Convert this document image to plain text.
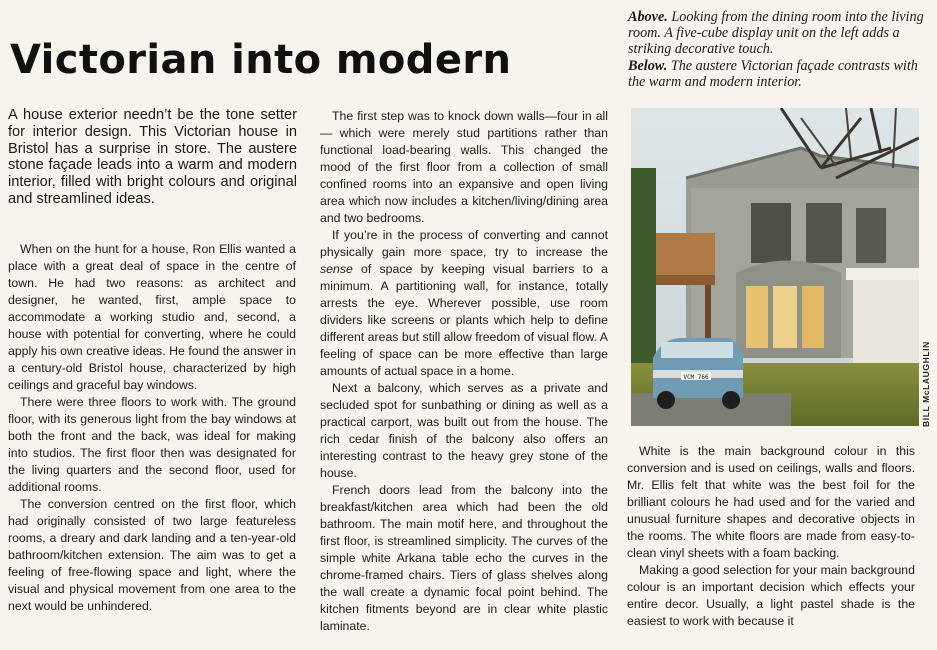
Victorian into modern

Above. Looking from the dining room into the living room. A five-cube display unit on the left adds a striking decorative touch.

Below. The austere Victorian façade contrasts with the warm and modern interior.

A house exterior needn’t be the tone setter for interior design. This Victorian house in Bristol has a surprise in store. The austere stone façade leads into a warm and modern interior, filled with bright colours and original and streamlined ideas.

When on the hunt for a house, Ron Ellis wanted a place with a great deal of space in the centre of town. He had two reasons: as architect and designer, he wanted, first, ample space to accommodate a working studio and, second, a house with potential for converting, where he could apply his own creative ideas. He found the answer in a century-old Bristol house, characterized by high ceilings and graceful bay windows.

There were three floors to work with. The ground floor, with its generous light from the bay windows at both the front and the back, was ideal for making into studios. The first floor then was designated for the living quarters and the second floor, used for additional rooms.

The conversion centred on the first floor, which had originally consisted of two large featureless rooms, a dreary and dark landing and a ten-year-old bathroom/kitchen extension. The aim was to get a feeling of free-flowing space and light, where the visual and physical movement from one area to the next would be unhindered.

The first step was to knock down walls—four in all— which were merely stud partitions rather than functional load-bearing walls. This changed the mood of the first floor from a collection of small confined rooms into an expansive and open living area which now includes a kitchen/living/dining area and two bedrooms.

If you’re in the process of converting and cannot physically gain more space, try to increase the sense of space by keeping visual barriers to a minimum. A partitioning wall, for instance, totally arrests the eye. Wherever possible, use room dividers like screens or plants which help to define different areas but still allow freedom of visual flow. A feeling of space can be more effective than large amounts of actual space in a home.

Next a balcony, which serves as a private and secluded spot for sunbathing or dining as well as a practical carport, was built out from the house. The rich cedar finish of the balcony also offers an interesting contrast to the heavy grey stone of the house.

French doors lead from the balcony into the breakfast/kitchen area which had been the old bathroom. The main motif here, and throughout the first floor, is streamlined simplicity. The curves of the simple white Arkana table echo the curves in the chrome-framed chairs. Tiers of glass shelves along the wall create a dynamic focal point behind. The kitchen fitments beyond are in clear white plastic laminate.

VCM 766	BILL McLAUGHLIN

White is the main background colour in this conversion and is used on ceilings, walls and floors. Mr. Ellis felt that white was the best foil for the brilliant colours he had used and for the varied and unusual furniture shapes and decorative objects in the rooms. The white floors are made from easy-to-clean vinyl sheets with a foam backing.

Making a good selection for your main background colour is an important decision which effects your entire decor. Usually, a light pastel shade is the easiest to work with because it
